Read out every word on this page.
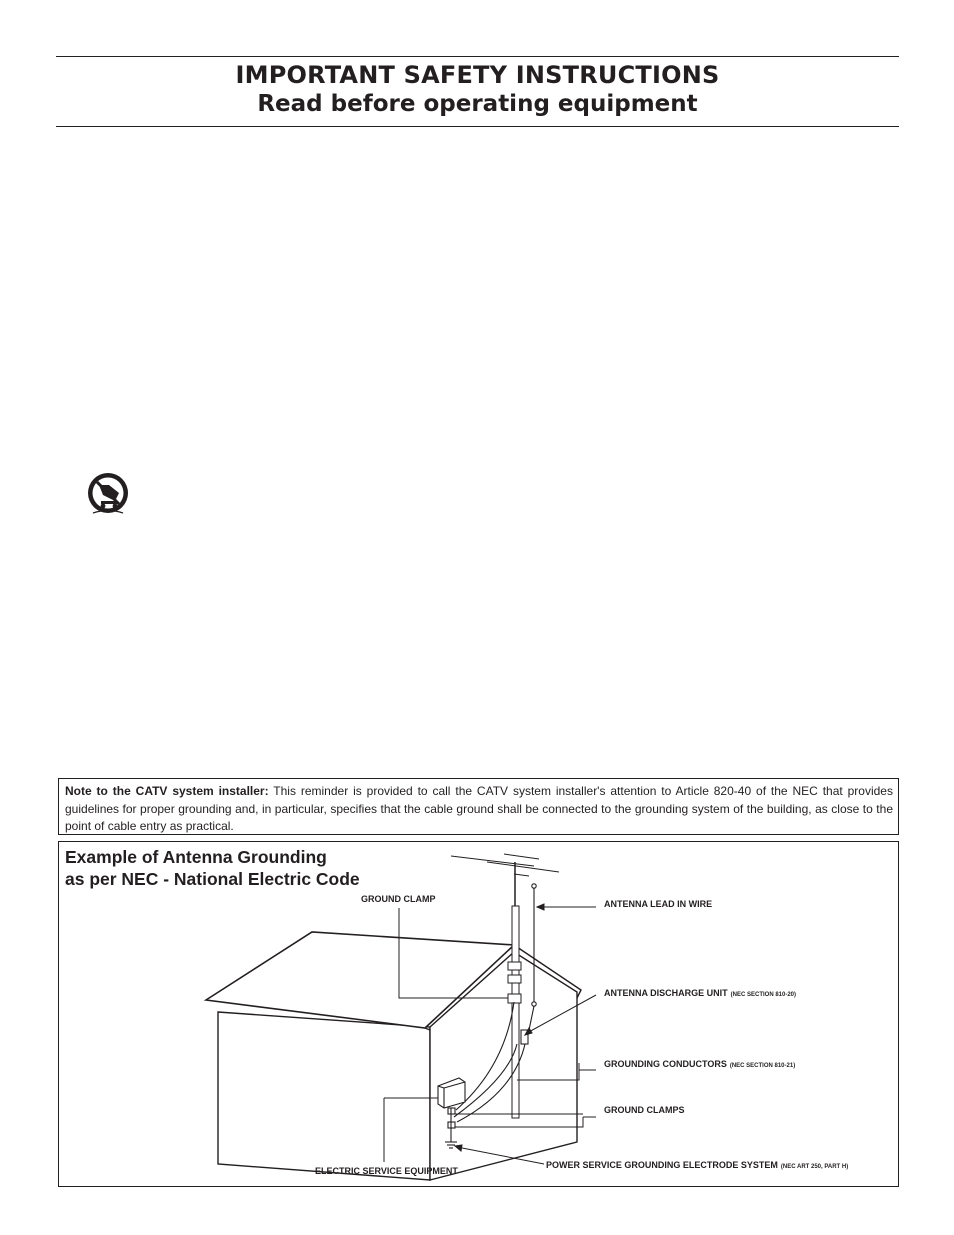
IMPORTANT SAFETY INSTRUCTIONS
Read before operating equipment
Note to the CATV system installer: This reminder is provided to call the CATV system installer's attention to Article 820-40 of the NEC that provides guidelines for proper grounding and, in particular, specifies that the cable ground shall be connected to the grounding system of the building, as close to the point of cable entry as practical.
Example of Antenna Grounding
as per NEC - National Electric Code
GROUND CLAMP	ANTENNA LEAD IN WIRE
ANTENNA DISCHARGE UNIT (NEC SECTION 810-20)
GROUNDING CONDUCTORS (NEC SECTION 810-21)
GROUND CLAMPS
ELECTRIC SERVICE EQUIPMENT
POWER SERVICE GROUNDING ELECTRODE SYSTEM (NEC ART 250, PART H)
